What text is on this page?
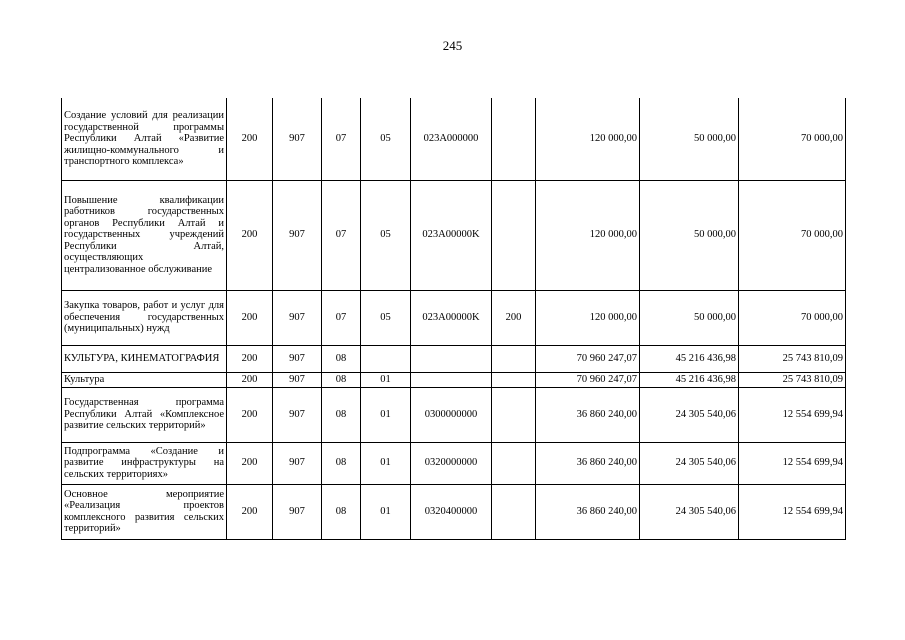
245
Создание условий для реализации государственной программы Республики Алтай «Развитие жилищно-коммунального и транспортного комплекса»	200	907	07	05	023A000000		120 000,00	50 000,00	70 000,00
Повышение квалификации работников государственных органов Республики Алтай и государственных учреждений Республики Алтай, осуществляющих централизованное обслуживание	200	907	07	05	023A00000K		120 000,00	50 000,00	70 000,00
Закупка товаров, работ и услуг для обеспечения государственных (муниципальных) нужд	200	907	07	05	023A00000K	200	120 000,00	50 000,00	70 000,00
КУЛЬТУРА, КИНЕМАТОГРАФИЯ	200	907	08				70 960 247,07	45 216 436,98	25 743 810,09
Культура	200	907	08	01			70 960 247,07	45 216 436,98	25 743 810,09
Государственная программа Республики Алтай «Комплексное развитие сельских территорий»	200	907	08	01	0300000000		36 860 240,00	24 305 540,06	12 554 699,94
Подпрограмма «Создание и развитие инфраструктуры на сельских территориях»	200	907	08	01	0320000000		36 860 240,00	24 305 540,06	12 554 699,94
Основное мероприятие «Реализация проектов комплексного развития сельских территорий»	200	907	08	01	0320400000		36 860 240,00	24 305 540,06	12 554 699,94
